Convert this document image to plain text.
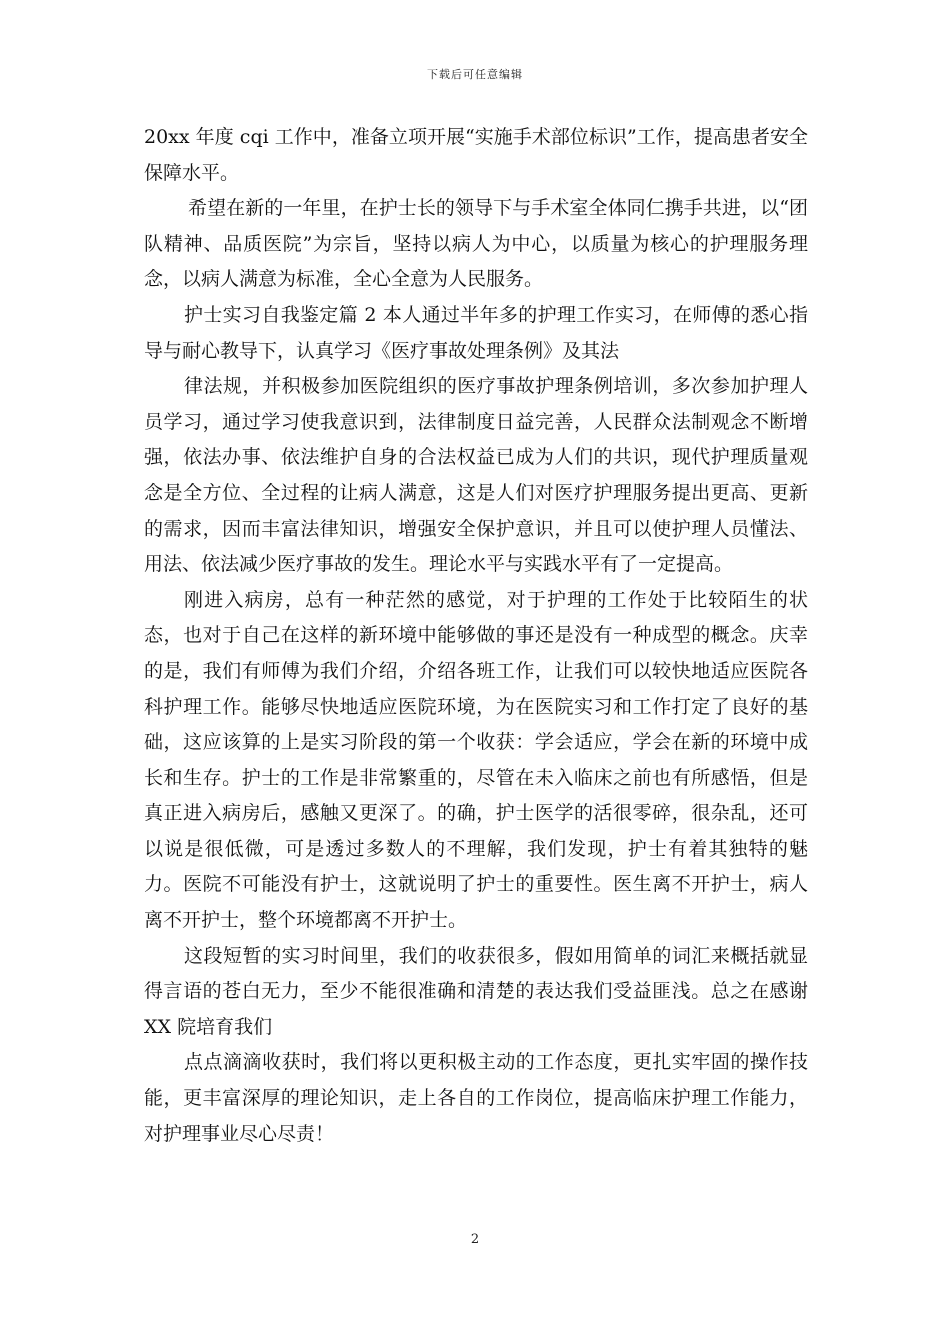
下载后可任意编辑

20xx 年度 cqi 工作中，准备立项开展“实施手术部位标识”工作，提高患者安全保障水平。

希望在新的一年里，在护士长的领导下与手术室全体同仁携手共进，以“团队精神、品质医院”为宗旨，坚持以病人为中心，以质量为核心的护理服务理念，以病人满意为标准，全心全意为人民服务。

护士实习自我鉴定篇 2 本人通过半年多的护理工作实习，在师傅的悉心指导与耐心教导下，认真学习《医疗事故处理条例》及其法

律法规，并积极参加医院组织的医疗事故护理条例培训，多次参加护理人员学习，通过学习使我意识到，法律制度日益完善，人民群众法制观念不断增强，依法办事、依法维护自身的合法权益已成为人们的共识，现代护理质量观念是全方位、全过程的让病人满意，这是人们对医疗护理服务提出更高、更新的需求，因而丰富法律知识，增强安全保护意识，并且可以使护理人员懂法、用法、依法减少医疗事故的发生。理论水平与实践水平有了一定提高。

刚进入病房，总有一种茫然的感觉，对于护理的工作处于比较陌生的状态，也对于自己在这样的新环境中能够做的事还是没有一种成型的概念。庆幸的是，我们有师傅为我们介绍，介绍各班工作，让我们可以较快地适应医院各科护理工作。能够尽快地适应医院环境，为在医院实习和工作打定了良好的基础，这应该算的上是实习阶段的第一个收获：学会适应，学会在新的环境中成长和生存。护士的工作是非常繁重的，尽管在未入临床之前也有所感悟，但是真正进入病房后，感触又更深了。的确，护士医学的活很零碎，很杂乱，还可以说是很低微，可是透过多数人的不理解，我们发现，护士有着其独特的魅力。医院不可能没有护士，这就说明了护士的重要性。医生离不开护士，病人离不开护士，整个环境都离不开护士。

这段短暂的实习时间里，我们的收获很多，假如用简单的词汇来概括就显得言语的苍白无力，至少不能很准确和清楚的表达我们受益匪浅。总之在感谢 XX 院培育我们

点点滴滴收获时，我们将以更积极主动的工作态度，更扎实牢固的操作技能，更丰富深厚的理论知识，走上各自的工作岗位，提高临床护理工作能力，对护理事业尽心尽责！

2
